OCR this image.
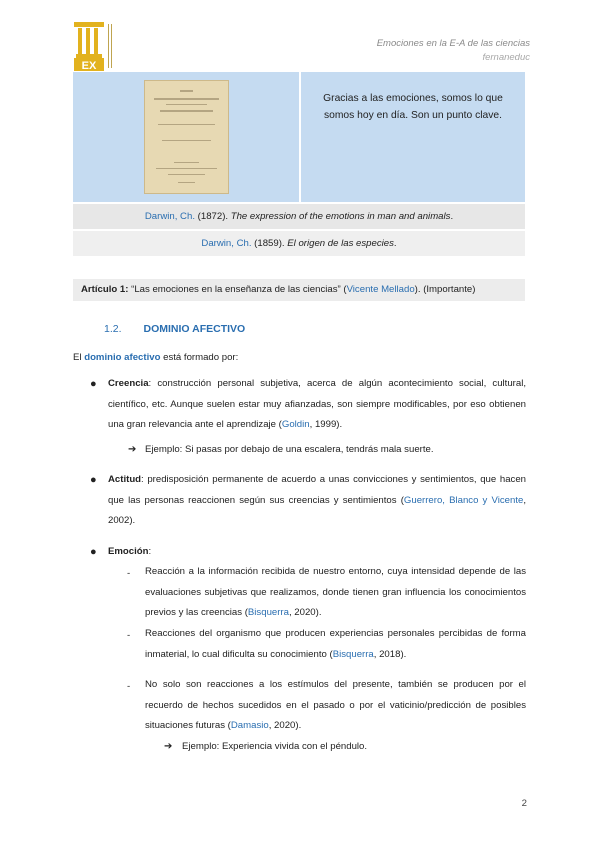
EX
Emociones en la E-A de las ciencias
fernaneduc
Gracias a las emociones, somos lo que somos hoy en día. Son un punto clave.
Darwin, Ch. (1872). The expression of the emotions in man and animals.
Darwin, Ch. (1859). El origen de las especies.
Artículo 1: “Las emociones en la enseñanza de las ciencias” (Vicente Mellado). (Importante)
1.2. DOMINIO AFECTIVO
El dominio afectivo está formado por:
● Creencia: construcción personal subjetiva, acerca de algún acontecimiento social, cultural, científico, etc. Aunque suelen estar muy afianzadas, son siempre modificables, por eso obtienen una gran relevancia ante el aprendizaje (Goldin, 1999).
➔ Ejemplo: Si pasas por debajo de una escalera, tendrás mala suerte.
● Actitud: predisposición permanente de acuerdo a unas convicciones y sentimientos, que hacen que las personas reaccionen según sus creencias y sentimientos (Guerrero, Blanco y Vicente, 2002).
● Emoción:
- Reacción a la información recibida de nuestro entorno, cuya intensidad depende de las evaluaciones subjetivas que realizamos, donde tienen gran influencia los conocimientos previos y las creencias (Bisquerra, 2020).
- Reacciones del organismo que producen experiencias personales percibidas de forma inmaterial, lo cual dificulta su conocimiento (Bisquerra, 2018).
- No solo son reacciones a los estímulos del presente, también se producen por el recuerdo de hechos sucedidos en el pasado o por el vaticinio/predicción de posibles situaciones futuras (Damasio, 2020).
➔ Ejemplo: Experiencia vivida con el péndulo.
2
